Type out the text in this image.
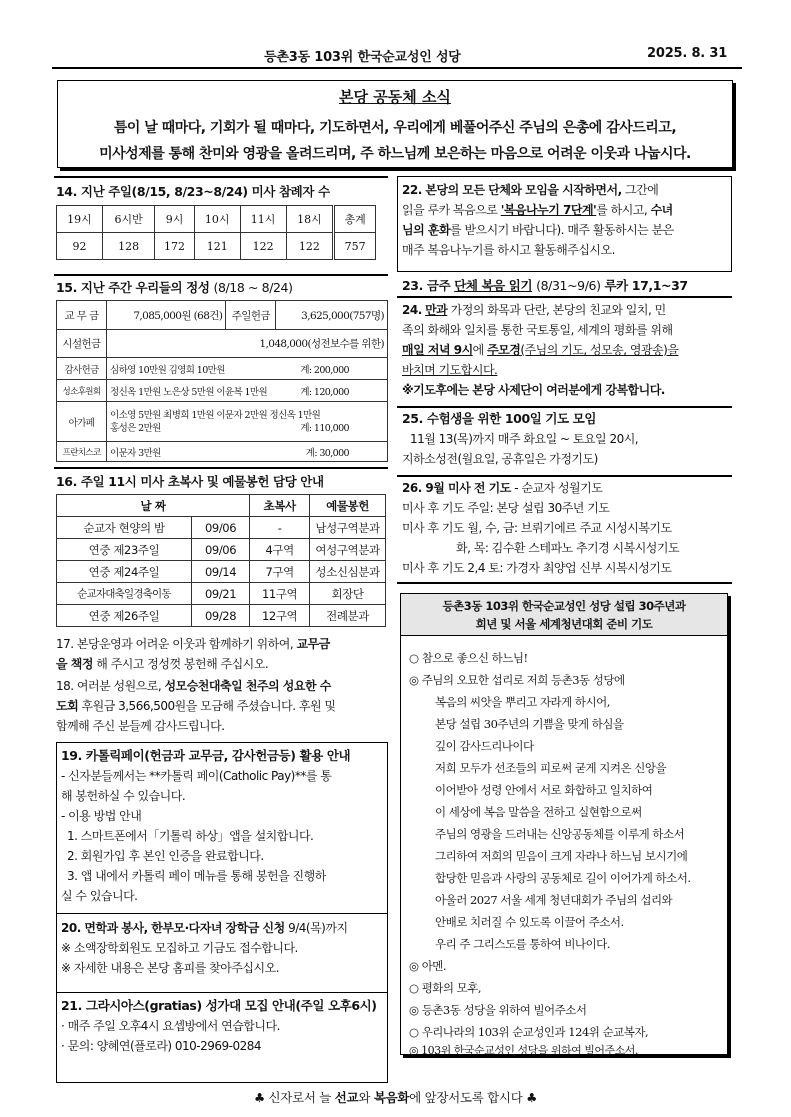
등촌3동 103위 한국순교성인 성당	2025. 8. 31
본당 공동체 소식
틈이 날 때마다, 기회가 될 때마다, 기도하면서, 우리에게 베풀어주신 주님의 은총에 감사드리고,
미사성제를 통해 찬미와 영광을 올려드리며, 주 하느님께 보은하는 마음으로 어려운 이웃과 나눕시다.
14. 지난 주일(8/15, 8/23~8/24) 미사 참례자 수
19시	6시반	9시	10시	11시	18시	총계
92	128	172	121	122	122	757
15. 지난 주간 우리들의 정성 (8/18 ~ 8/24)
교 무 금	7,085,000원 (68건)	주일헌금	3,625,000(757명)
시설헌금	1,048,000(성전보수를 위한)		
감사헌금	심하영 10만원 김영희 10만원 계: 200,000		

성소후원회	정신옥 1만원 노은상 5만원 이윤복 1만원 계: 120,000		

아가페	이소영 5만원 최병희 1만원 이문자 2만원 정신옥 1만원
홍성은 2만원 계: 110,000		

프란치스코	이문자 3만원 계: 30,000		
16. 주일 11시 미사 초복사 및 예물봉헌 담당 안내
날 짜		초복사	예물봉헌
순교자 현양의 밤	09/06	-	남성구역분과
연중 제23주일	09/06	4구역	여성구역분과
연중 제24주일	09/14	7구역	성소신심분과
순교자대축일경축이동	09/21	11구역	회장단
연중 제26주일	09/28	12구역	전례분과
17. 본당운영과 어려운 이웃과 함께하기 위하여, 교무금
을 책정 해 주시고 정성껏 봉헌해 주십시오.
18. 여러분 성원으로, 성모승천대축일 천주의 성요한 수
도회 후원금 3,566,500원을 모금해 주셨습니다. 후원 및
함께해 주신 분들께 감사드립니다.
19. 카톨릭페이(헌금과 교무금, 감사헌금등) 활용 안내
- 신자분들께서는 **카톨릭 페이(Catholic Pay)**를 통
해 봉헌하실 수 있습니다.
- 이용 방법 안내
1. 스마트폰에서「기톨릭 하상」앱을 설치합니다.
2. 회원가입 후 본인 인증을 완료합니다.
3. 앱 내에서 카톨릭 페이 메뉴를 통해 봉헌을 진행하
실 수 있습니다.
20. 면학과 봉사, 한부모·다자녀 장학금 신청 9/4(목)까지
※ 소액장학회원도 모집하고 기금도 접수합니다.
※ 자세한 내용은 본당 홈피를 찾아주십시오.
21. 그라시아스(gratias) 성가대 모집 안내(주일 오후6시)
· 매주 주일 오후4시 요셉방에서 연습합니다.
· 문의: 양혜연(플로라) 010-2969-0284
22. 본당의 모든 단체와 모임을 시작하면서, 그간에
읽을 루카 복음으로 '복음나누기 7단계'를 하시고, 수녀
님의 훈화를 받으시기 바랍니다). 매주 활동하시는 분은
매주 복음나누기를 하시고 활동해주십시오.
23. 금주 단체 복음 읽기 (8/31~9/6) 루카 17,1~37
24. 만과 가정의 화목과 단란, 본당의 친교와 일치, 민
족의 화해와 일치를 통한 국토통일, 세계의 평화를 위해
매일 저녁 9시에 주모경(주님의 기도, 성모송, 영광송)을
바치며 기도합시다.
※기도후에는 본당 사제단이 여러분에게 강복합니다.
25. 수험생을 위한 100일 기도 모임
11월 13(목)까지 매주 화요일 ~ 토요일 20시,
지하소성전(월요일, 공휴일은 가정기도)
26. 9월 미사 전 기도 - 순교자 성월기도
미사 후 기도 주일: 본당 설립 30주년 기도
미사 후 기도 월, 수, 금: 브뤼기에르 주교 시성시복기도
화, 목: 김수환 스테파노 추기경 시복시성기도
미사 후 기도 2,4 토: 가경자 최양업 신부 시복시성기도
등촌3동 103위 한국순교성인 성당 설립 30주년과
희년 및 서울 세계청년대회 준비 기도
○ 참으로 좋으신 하느님!
◎ 주님의 오묘한 섭리로 저희 등촌3동 성당에
복음의 씨앗을 뿌리고 자라게 하시어,
본당 설립 30주년의 기쁨을 맞게 하심을
깊이 감사드리나이다
저희 모두가 선조들의 피로써 굳게 지켜온 신앙을
이어받아 성령 안에서 서로 화합하고 일치하여
이 세상에 복음 말씀을 전하고 실현함으로써
주님의 영광을 드러내는 신앙공동체를 이루게 하소서
그리하여 저희의 믿음이 크게 자라나 하느님 보시기에
합당한 믿음과 사랑의 공동체로 길이 이어가게 하소서.
아울러 2027 서울 세계 청년대회가 주님의 섭리와
안배로 치러질 수 있도록 이끌어 주소서.
우리 주 그리스도를 통하여 비나이다.
◎ 아멘.
○ 평화의 모후,
◎ 등촌3동 성당을 위하여 빌어주소서
○ 우리나라의 103위 순교성인과 124위 순교복자,
◎ 103위 한국순교성인 성당을 위하여 빌어주소서.
♣ 신자로서 늘 선교와 복음화에 앞장서도록 합시다 ♣
